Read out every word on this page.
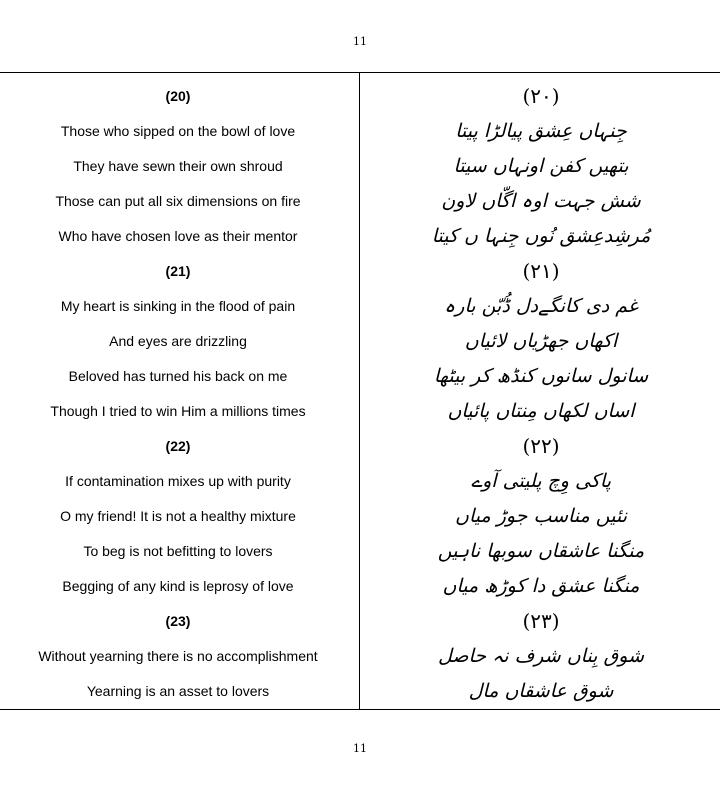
11
(20)
Those who sipped on the bowl of love
They have sewn their own shroud
Those can put all six dimensions on fire
Who have chosen love as their mentor
(21)
My heart is sinking in the flood of pain
And eyes are drizzling
Beloved has turned his back on me
Though I tried to win Him a millions times
(22)
If contamination mixes up with purity
O my friend! It is not a healthy mixture
To beg is not befitting to lovers
Begging of any kind is leprosy of love
(23)
Without yearning there is no accomplishment
Yearning is an asset to lovers
(۲۰)
جِنہاں عِشق پیالڑا پیتا
بتھیں کفن اونہاں سیتا
شش جہت اوہ اگّاں لاون
مُرشِدعِشق نُوں جِنہا ں کیتا
(۲۱)
غم دی کانگےدل ڈُبّن بارہ
اکھاں جھڑیاں لائیاں
سانول سانوں کنڈھ کر بیٹھا
اساں لکھاں مِنتاں پائیاں
(۲۲)
پاکی وِچ پلیتی آوے
نئیں مناسب جوڑ میاں
منگنا عاشقاں سوبھا ناہیں
منگنا عشق دا کوڑھ میاں
(۲۳)
شوق بِناں شرف نہ حاصل
شوق عاشقاں مال
11
